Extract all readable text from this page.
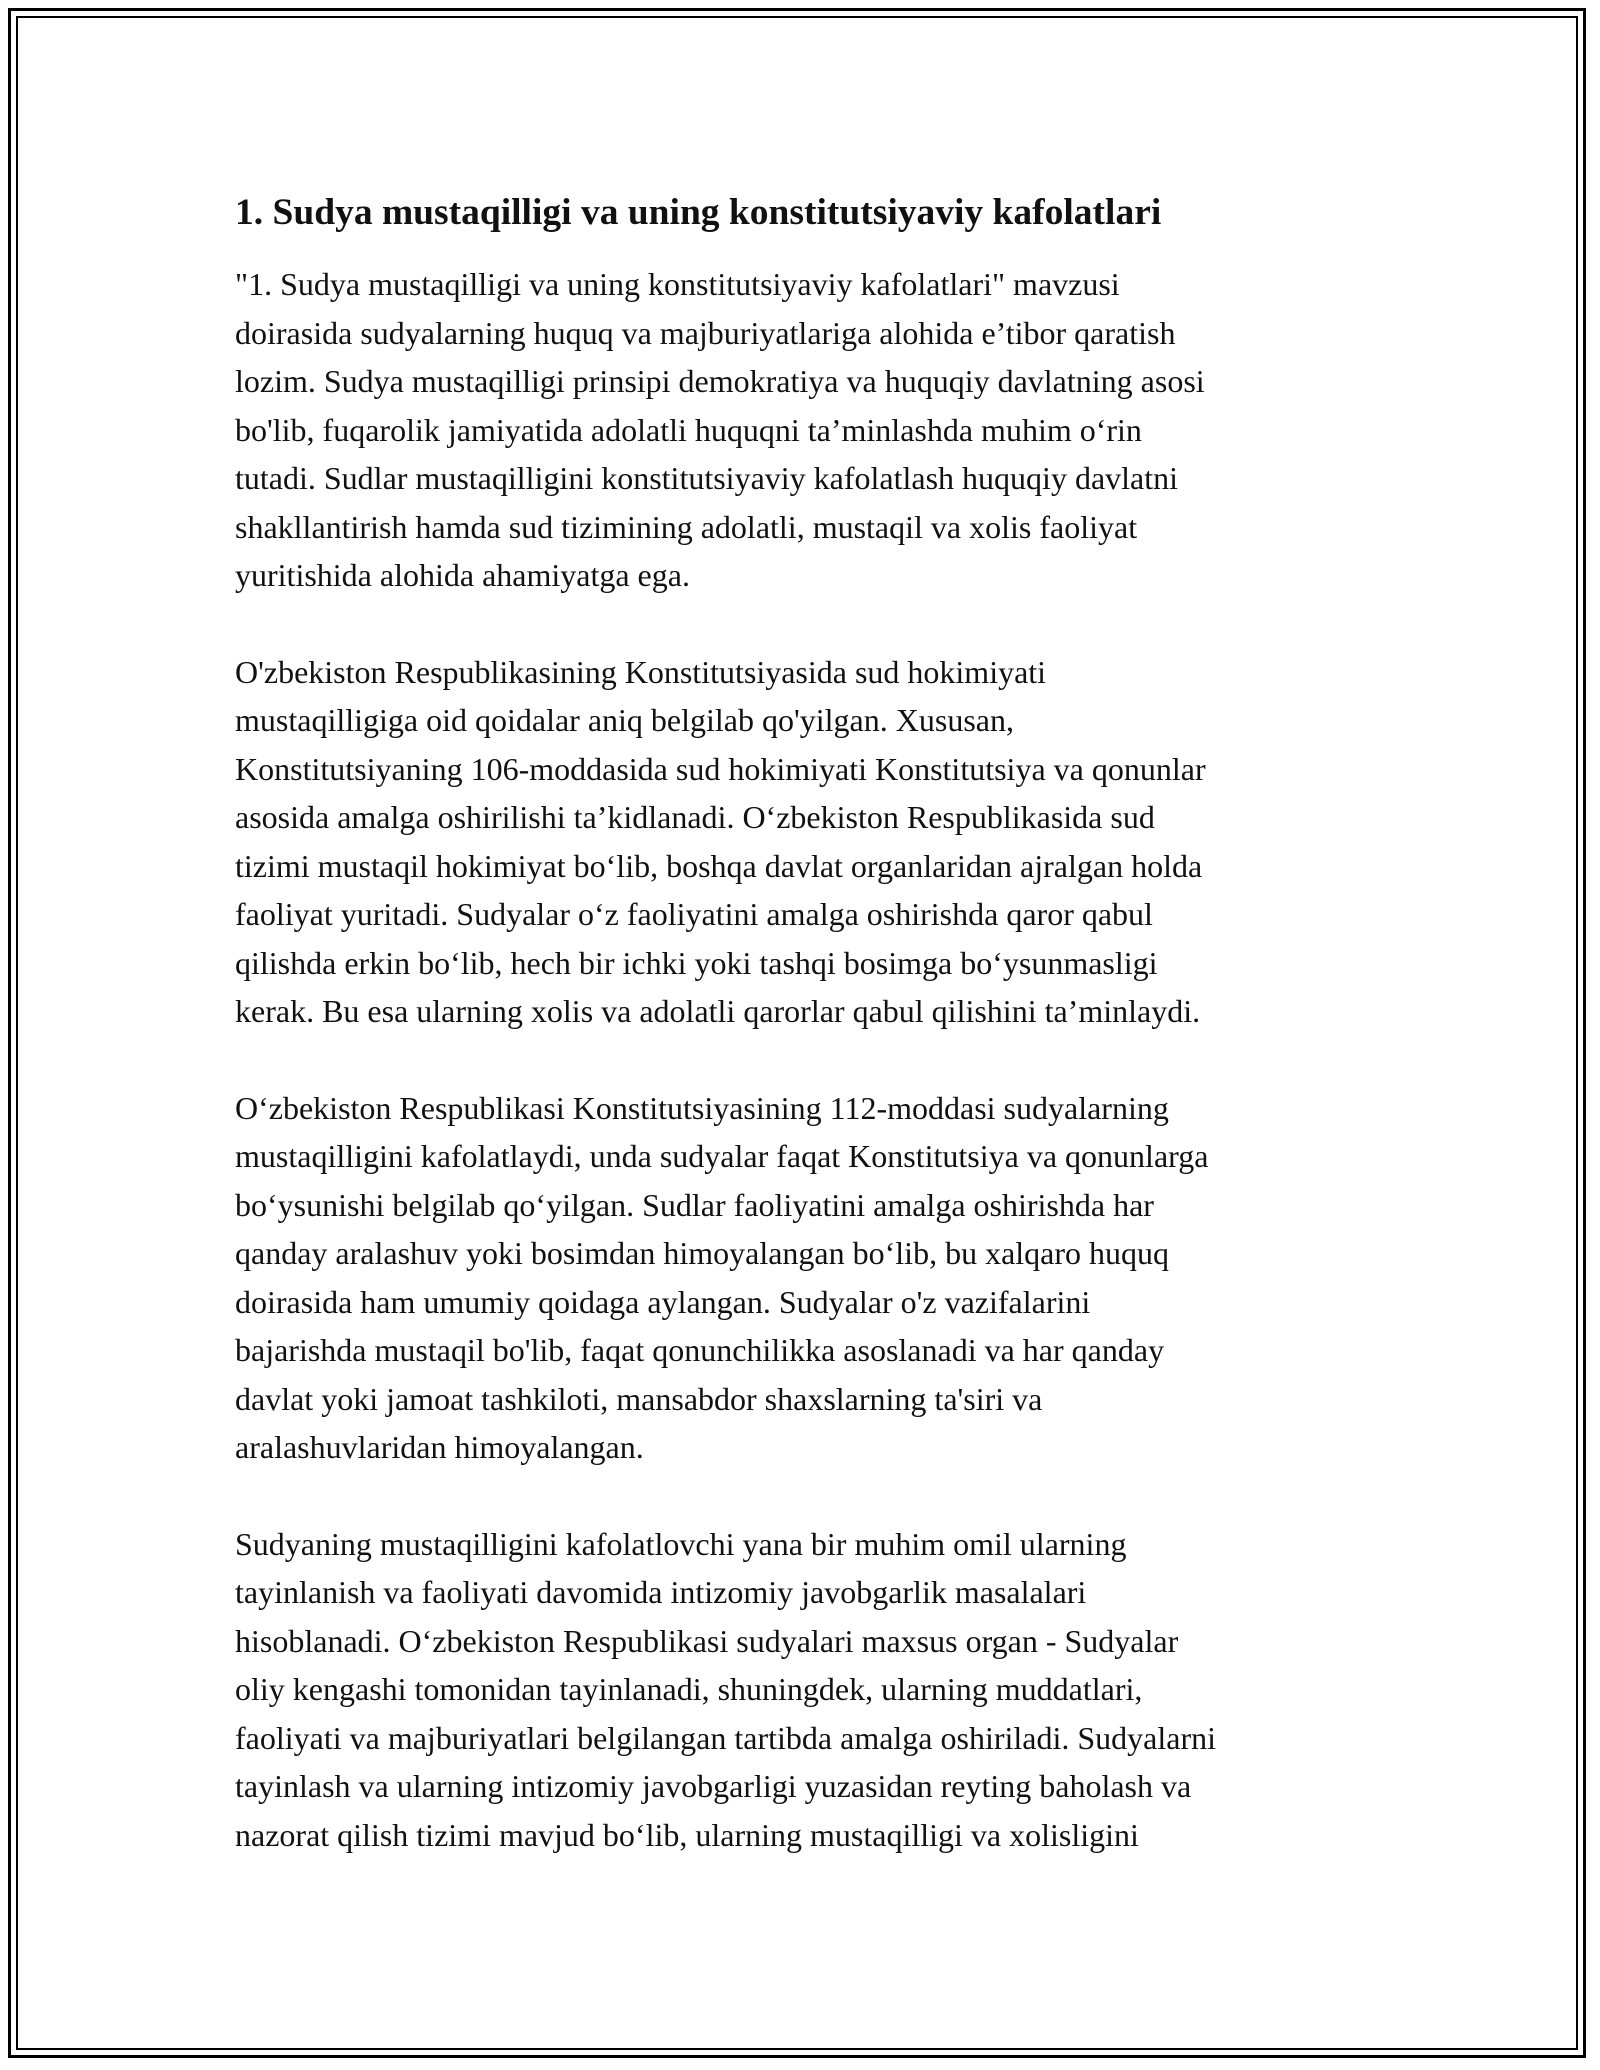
1. Sudya mustaqilligi va uning konstitutsiyaviy kafolatlari

"1. Sudya mustaqilligi va uning konstitutsiyaviy kafolatlari" mavzusi
doirasida sudyalarning huquq va majburiyatlariga alohida e’tibor qaratish
lozim. Sudya mustaqilligi prinsipi demokratiya va huquqiy davlatning asosi
bo'lib, fuqarolik jamiyatida adolatli huquqni ta’minlashda muhim o‘rin
tutadi. Sudlar mustaqilligini konstitutsiyaviy kafolatlash huquqiy davlatni
shakllantirish hamda sud tizimining adolatli, mustaqil va xolis faoliyat
yuritishida alohida ahamiyatga ega.

O'zbekiston Respublikasining Konstitutsiyasida sud hokimiyati
mustaqilligiga oid qoidalar aniq belgilab qo'yilgan. Xususan,
Konstitutsiyaning 106-moddasida sud hokimiyati Konstitutsiya va qonunlar
asosida amalga oshirilishi ta’kidlanadi. O‘zbekiston Respublikasida sud
tizimi mustaqil hokimiyat bo‘lib, boshqa davlat organlaridan ajralgan holda
faoliyat yuritadi. Sudyalar o‘z faoliyatini amalga oshirishda qaror qabul
qilishda erkin bo‘lib, hech bir ichki yoki tashqi bosimga bo‘ysunmasligi
kerak. Bu esa ularning xolis va adolatli qarorlar qabul qilishini ta’minlaydi.

O‘zbekiston Respublikasi Konstitutsiyasining 112-moddasi sudyalarning
mustaqilligini kafolatlaydi, unda sudyalar faqat Konstitutsiya va qonunlarga
bo‘ysunishi belgilab qo‘yilgan. Sudlar faoliyatini amalga oshirishda har
qanday aralashuv yoki bosimdan himoyalangan bo‘lib, bu xalqaro huquq
doirasida ham umumiy qoidaga aylangan. Sudyalar o'z vazifalarini
bajarishda mustaqil bo'lib, faqat qonunchilikka asoslanadi va har qanday
davlat yoki jamoat tashkiloti, mansabdor shaxslarning ta'siri va
aralashuvlaridan himoyalangan.

Sudyaning mustaqilligini kafolatlovchi yana bir muhim omil ularning
tayinlanish va faoliyati davomida intizomiy javobgarlik masalalari
hisoblanadi. O‘zbekiston Respublikasi sudyalari maxsus organ - Sudyalar
oliy kengashi tomonidan tayinlanadi, shuningdek, ularning muddatlari,
faoliyati va majburiyatlari belgilangan tartibda amalga oshiriladi. Sudyalarni
tayinlash va ularning intizomiy javobgarligi yuzasidan reyting baholash va
nazorat qilish tizimi mavjud bo‘lib, ularning mustaqilligi va xolisligini
